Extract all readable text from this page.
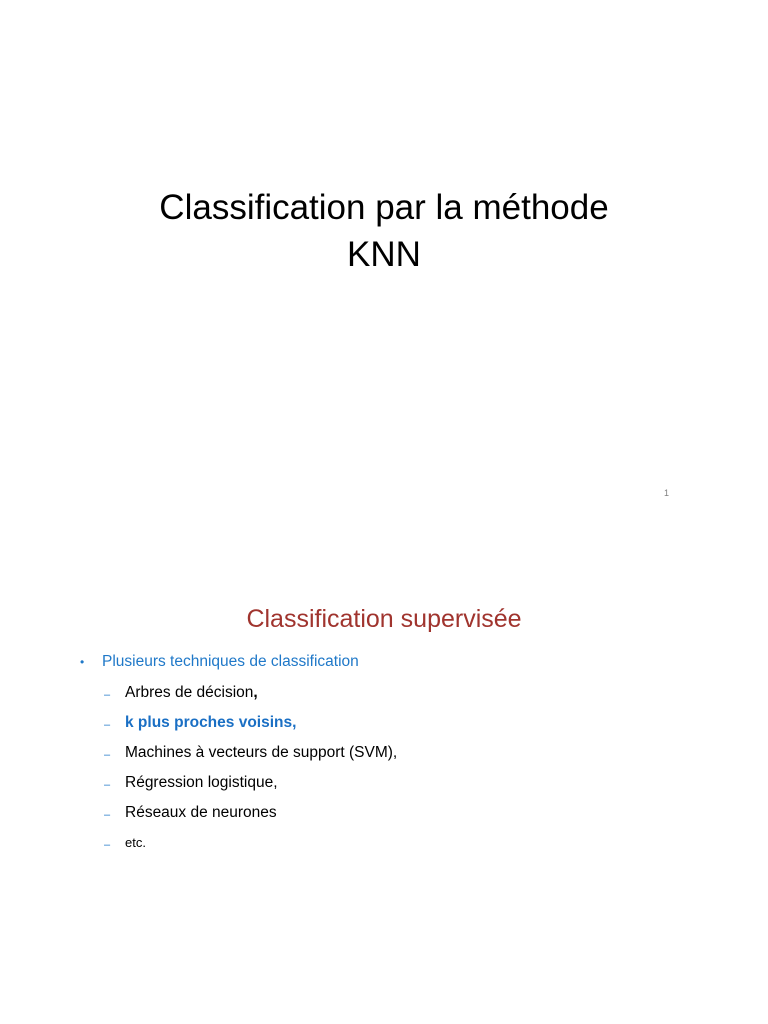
Classification par la méthode
KNN
1
Classification supervisée
• Plusieurs techniques de classification
– Arbres de décision,
– k plus proches voisins,
– Machines à vecteurs de support (SVM),
– Régression logistique,
– Réseaux de neurones
– etc.
